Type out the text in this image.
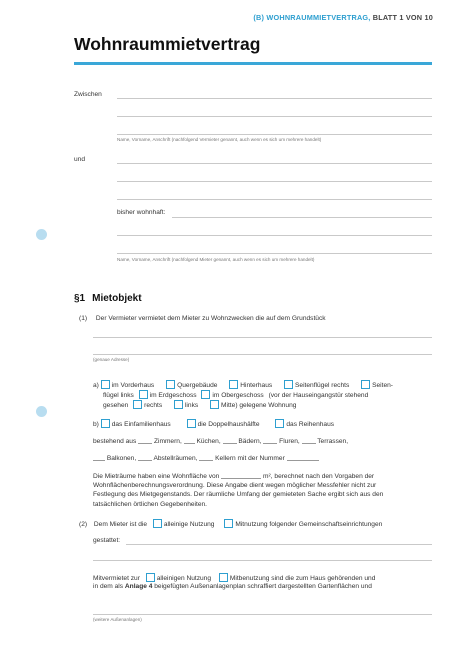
(B) WOHNRAUMMIETVERTRAG, BLATT 1 VON 10
Wohnraummietvertrag
Zwischen
Name, Vorname, Anschrift (nachfolgend Vermieter genannt, auch wenn es sich um mehrere handelt)
und
bisher wohnhaft:
Name, Vorname, Anschrift (nachfolgend Mieter genannt, auch wenn es sich um mehrere handelt)
§1 Mietobjekt
(1) Der Vermieter vermietet dem Mieter zu Wohnzwecken die auf dem Grundstück
(genaue Adresse)
a) im Vorderhaus	Quergebäude	Hinterhaus	Seitenflügel rechts	Seiten-
flügel links im Erdgeschoss im Obergeschoss (vor der Hauseingangstür stehend
gesehen rechts	links	Mitte) gelegene Wohnung
b) das Einfamilienhaus	die Doppelhaushälfte	das Reihenhaus
bestehend aus	Zimmern, Küchen,	Bädern,	Fluren,	Terrassen,
Balkonen,	Abstellräumen,	Kellern mit der Nummer
Die Mieträume haben eine Wohnfläche von	m², berechnet nach den Vorgaben der
Wohnflächenberechnungsverordnung. Diese Angabe dient wegen möglicher Messfehler nicht zur
Festlegung des Mietgegenstands. Der räumliche Umfang der gemieteten Sache ergibt sich aus den
tatsächlichen örtlichen Gegebenheiten.
(2) Dem Mieter ist die	alleinige Nutzung	Mitnutzung folgender Gemeinschaftseinrichtungen
gestattet:
Mitvermietet zur	alleinigen Nutzung	Mitbenutzung sind die zum Haus gehörenden und
in dem als Anlage 4 beigefügten Außenanlagenplan schraffiert dargestellten Gartenflächen und
(weitere Außenanlagen)
